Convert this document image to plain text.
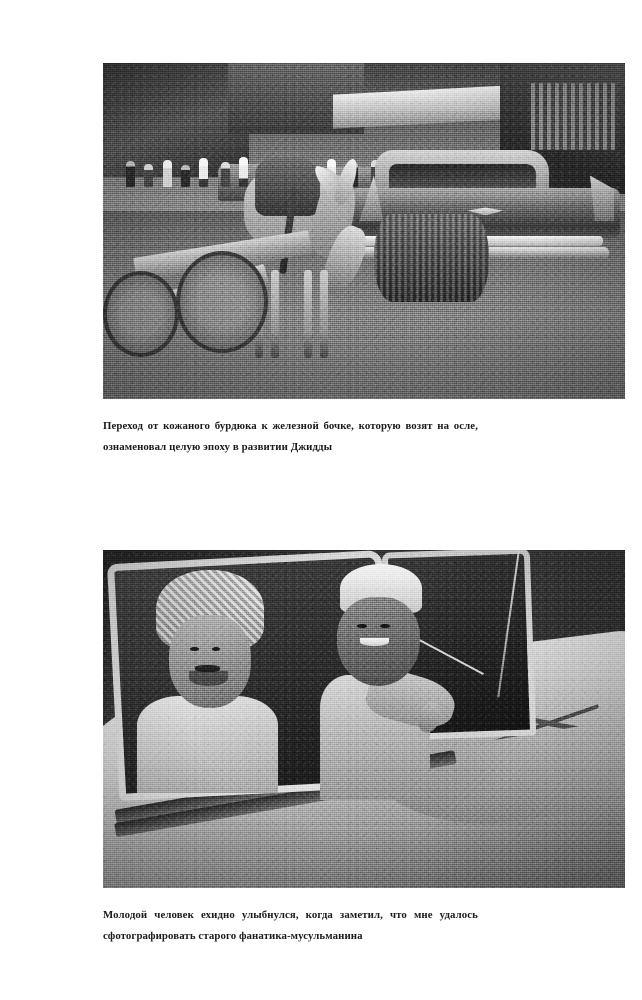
Переход от кожаного бурдюка к железной бочке, которую возят на осле, ознаменовал целую эпоху в развитии Джидды

Молодой человек ехидно улыбнулся, когда заметил, что мне удалось сфотографировать старого фанатика-мусульманина
